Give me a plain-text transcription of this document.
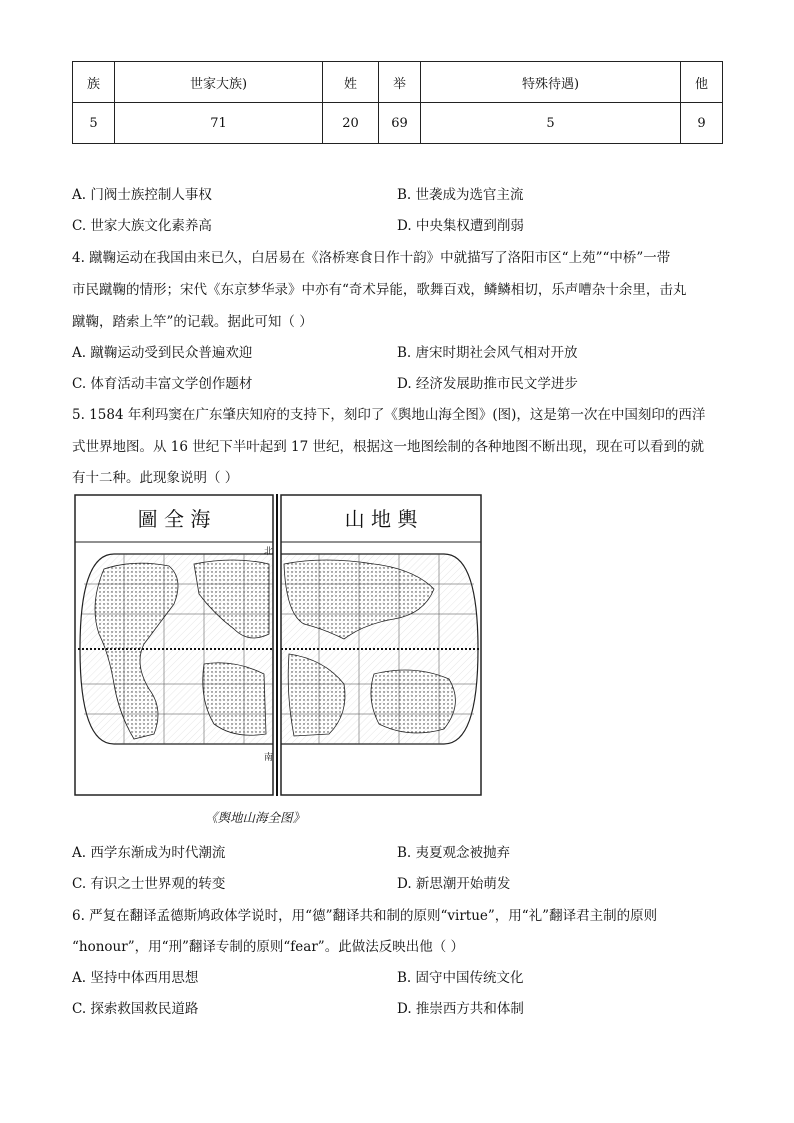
族	世家大族)	姓	举	特殊待遇)	他
5	71	20	69	5	9
A. 门阀士族控制人事权	B. 世袭成为选官主流
C. 世家大族文化素养高	D. 中央集权遭到削弱
4. 蹴鞠运动在我国由来已久，白居易在《洛桥寒食日作十韵》中就描写了洛阳市区“上苑”“中桥”一带
市民蹴鞠的情形；宋代《东京梦华录》中亦有“奇术异能，歌舞百戏，鳞鳞相切，乐声嘈杂十余里，击丸
蹴鞠，踏索上竿”的记载。据此可知（ ）
A. 蹴鞠运动受到民众普遍欢迎	B. 唐宋时期社会风气相对开放
C. 体育活动丰富文学创作题材	D. 经济发展助推市民文学进步
5. 1584 年利玛窦在广东肇庆知府的支持下，刻印了《舆地山海全图》(图)，这是第一次在中国刻印的西洋
式世界地图。从 16 世纪下半叶起到 17 世纪，根据这一地图绘制的各种地图不断出现，现在可以看到的就
有十二种。此现象说明（ ）
圖 全 海	山 地 輿
北
南
《舆地山海全图》
A. 西学东渐成为时代潮流	B. 夷夏观念被抛弃
C. 有识之士世界观的转变	D. 新思潮开始萌发
6. 严复在翻译孟德斯鸠政体学说时，用“德”翻译共和制的原则“virtue”，用“礼”翻译君主制的原则
“honour”，用“刑”翻译专制的原则“fear”。此做法反映出他（ ）
A. 坚持中体西用思想	B. 固守中国传统文化
C. 探索救国救民道路	D. 推崇西方共和体制
